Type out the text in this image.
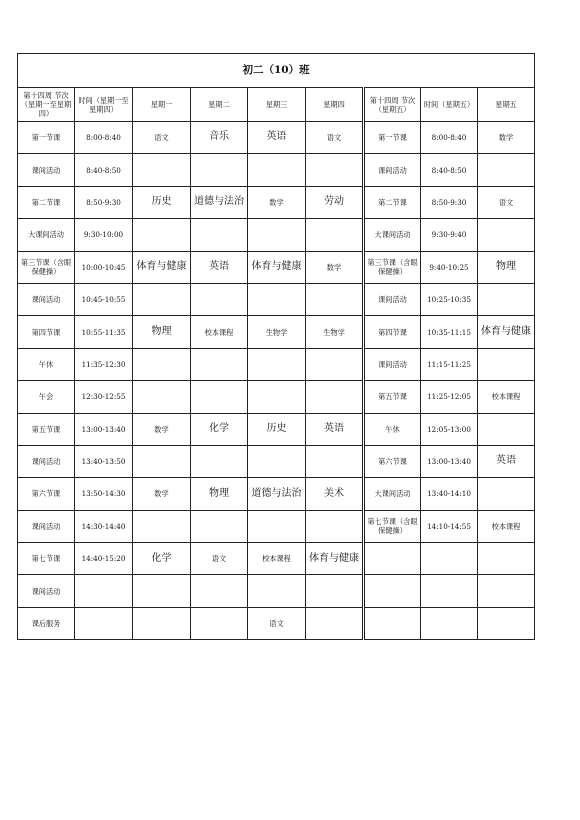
初二（10）班								
第十四周 节次（星期一至星期四）	时间（星期一至星期四）	星期一	星期二	星期三	星期四	第十四周 节次（星期五）	时间（星期五）	星期五
第一节课	8:00-8:40	语文	音乐	英语	语文	第一节课	8:00-8:40	数学
课间活动	8:40-8:50					课间活动	8:40-8:50	
第二节课	8:50-9:30	历史	道德与法治	数学	劳动	第二节课	8:50-9:30	语文
大课间活动	9:30-10:00					大课间活动	9:30-9:40	
第三节课（含眼保健操）	10:00-10:45	体育与健康	英语	体育与健康	数学	第三节课（含眼保健操）	9:40-10:25	物理
课间活动	10:45-10:55					课间活动	10:25-10:35	
第四节课	10:55-11:35	物理	校本课程	生物学	生物学	第四节课	10:35-11:15	体育与健康
午休	11:35-12:30					课间活动	11:15-11:25	
午会	12:30-12:55					第五节课	11:25-12:05	校本课程
第五节课	13:00-13:40	数学	化学	历史	英语	午休	12:05-13:00	
课间活动	13:40-13:50					第六节课	13:00-13:40	英语
第六节课	13:50-14:30	数学	物理	道德与法治	美术	大课间活动	13:40-14:10	
课间活动	14:30-14:40					第七节课（含眼保健操）	14:10-14:55	校本课程
第七节课	14:40-15:20	化学	语文	校本课程	体育与健康			
课间活动								
课后服务				语文				
